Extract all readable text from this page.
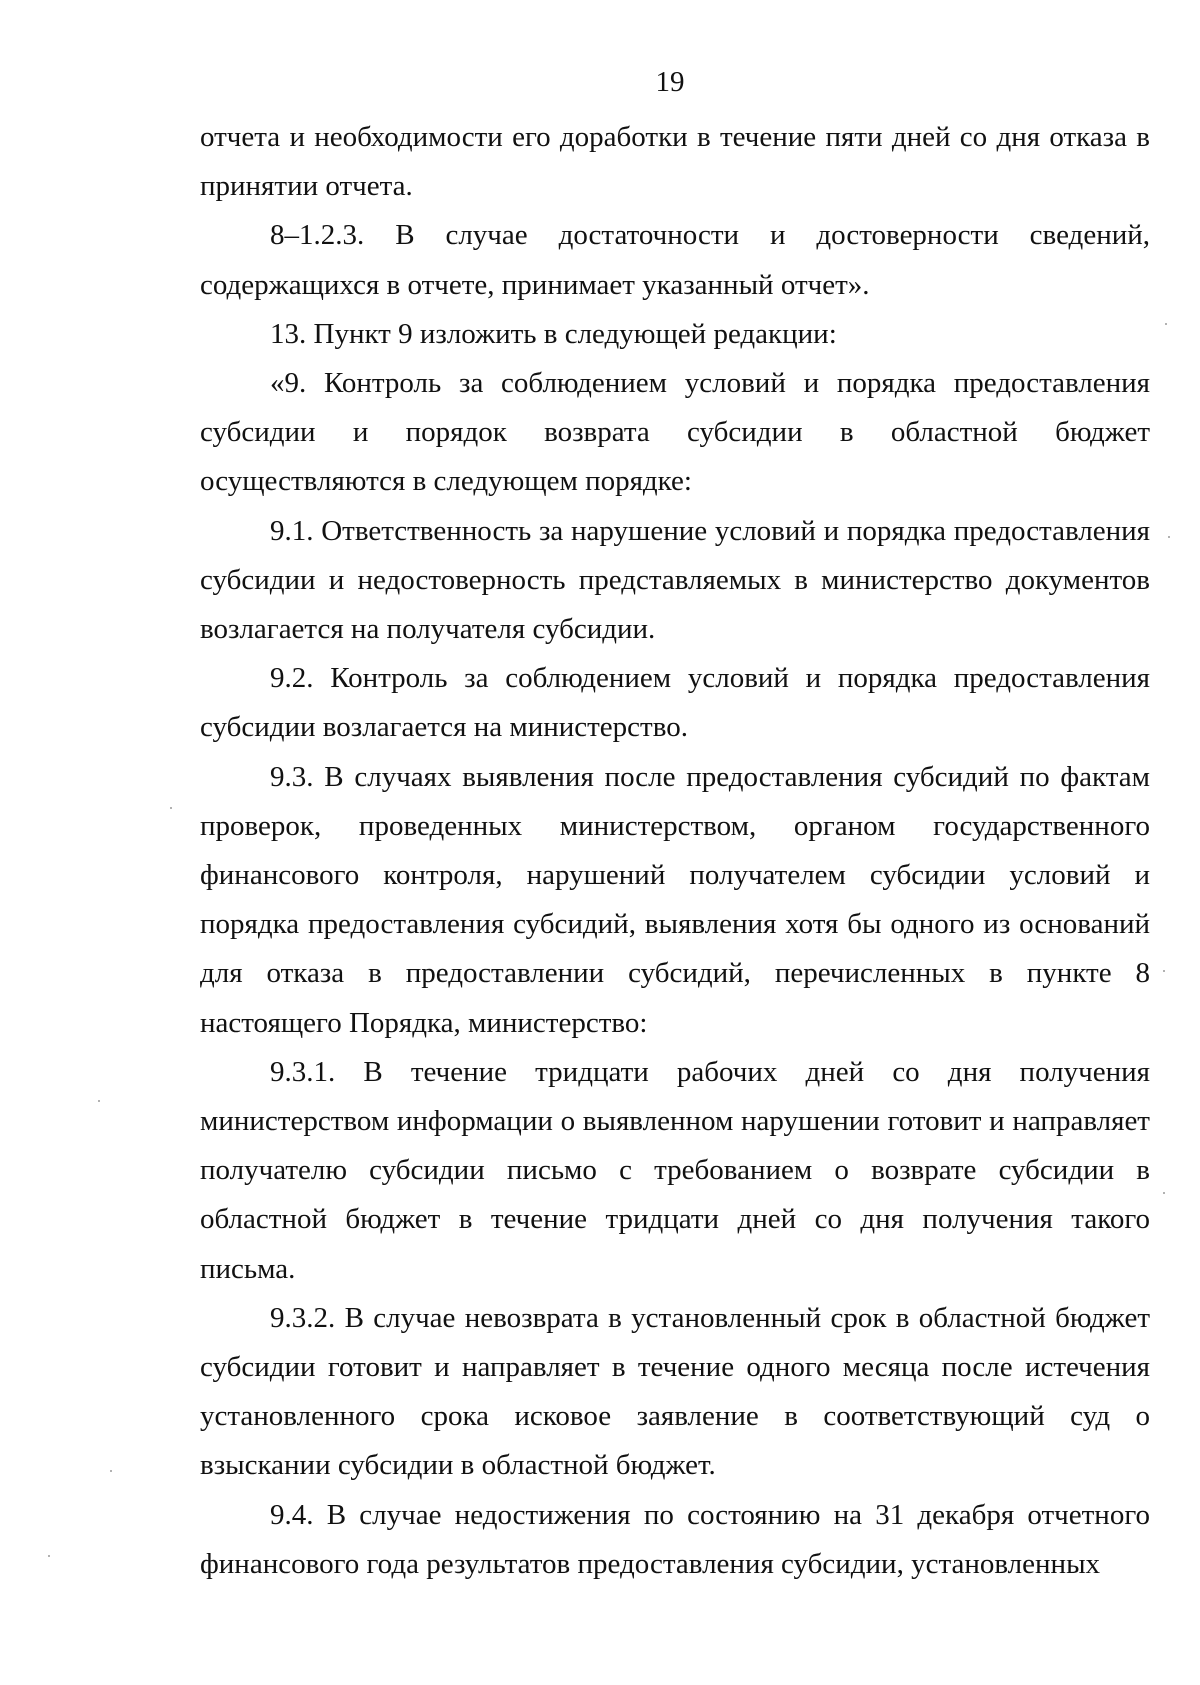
19

отчета и необходимости его доработки в течение пяти дней со дня отказа в принятии отчета.

8–1.2.3. В случае достаточности и достоверности сведений, содержащихся в отчете, принимает указанный отчет».

13. Пункт 9 изложить в следующей редакции:

«9. Контроль за соблюдением условий и порядка предоставления субсидии и порядок возврата субсидии в областной бюджет осуществляются в следующем порядке:

9.1. Ответственность за нарушение условий и порядка предоставления субсидии и недостоверность представляемых в министерство документов возлагается на получателя субсидии.

9.2. Контроль за соблюдением условий и порядка предоставления субсидии возлагается на министерство.

9.3. В случаях выявления после предоставления субсидий по фактам проверок, проведенных министерством, органом государственного финансового контроля, нарушений получателем субсидии условий и порядка предоставления субсидий, выявления хотя бы одного из оснований для отказа в предоставлении субсидий, перечисленных в пункте 8 настоящего Порядка, министерство:

9.3.1. В течение тридцати рабочих дней со дня получения министерством информации о выявленном нарушении готовит и направляет получателю субсидии письмо с требованием о возврате субсидии в областной бюджет в течение тридцати дней со дня получения такого письма.

9.3.2. В случае невозврата в установленный срок в областной бюджет субсидии готовит и направляет в течение одного месяца после истечения установленного срока исковое заявление в соответствующий суд о взыскании субсидии в областной бюджет.

9.4. В случае недостижения по состоянию на 31 декабря отчетного финансового года результатов предоставления субсидии, установленных
